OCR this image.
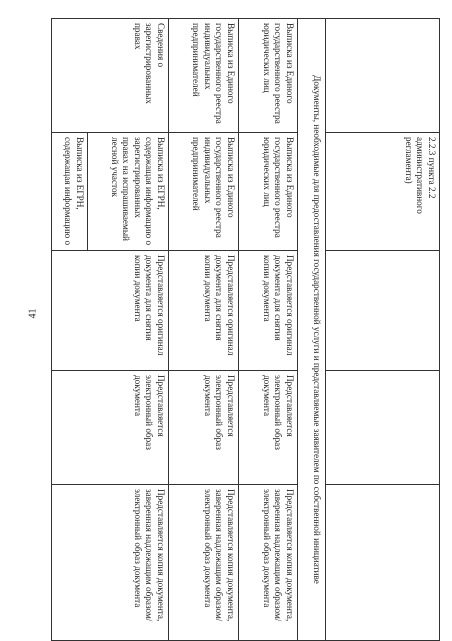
41

	2.2.3 пункта 2.2 административного регламента)			

Документы, необходимые для предоставления государственной услуги и представляемые заявителем по собственной инициативе				
Выписка из Единого государственного реестра юридических лиц	Выписка из Единого государственного реестра юридических лиц	Представляется оригинал документа для снятия копии документа	Представляется электронный образ документа	Представляется копия документа, заверенная надлежащим образом/электронный образ документа
Выписка из Единого государственного реестра индивидуальных предпринимателей	Выписка из Единого государственного реестра индивидуальных предпринимателей	Представляется оригинал документа для снятия копии документа	Представляется электронный образ документа	Представляется копия документа, заверенная надлежащим образом/электронный образ документа
Сведения о зарегистрированных правах	Выписка из ЕГРН, содержащая информацию о зарегистрированных правах на испрашиваемый лесной участок	Представляется оригинал документа для снятия копии документа	Представляется электронный образ документа	Представляется копия документа, заверенная надлежащим образом/электронный образ документа
	Выписка из ЕГРН, содержащая информацию о			
